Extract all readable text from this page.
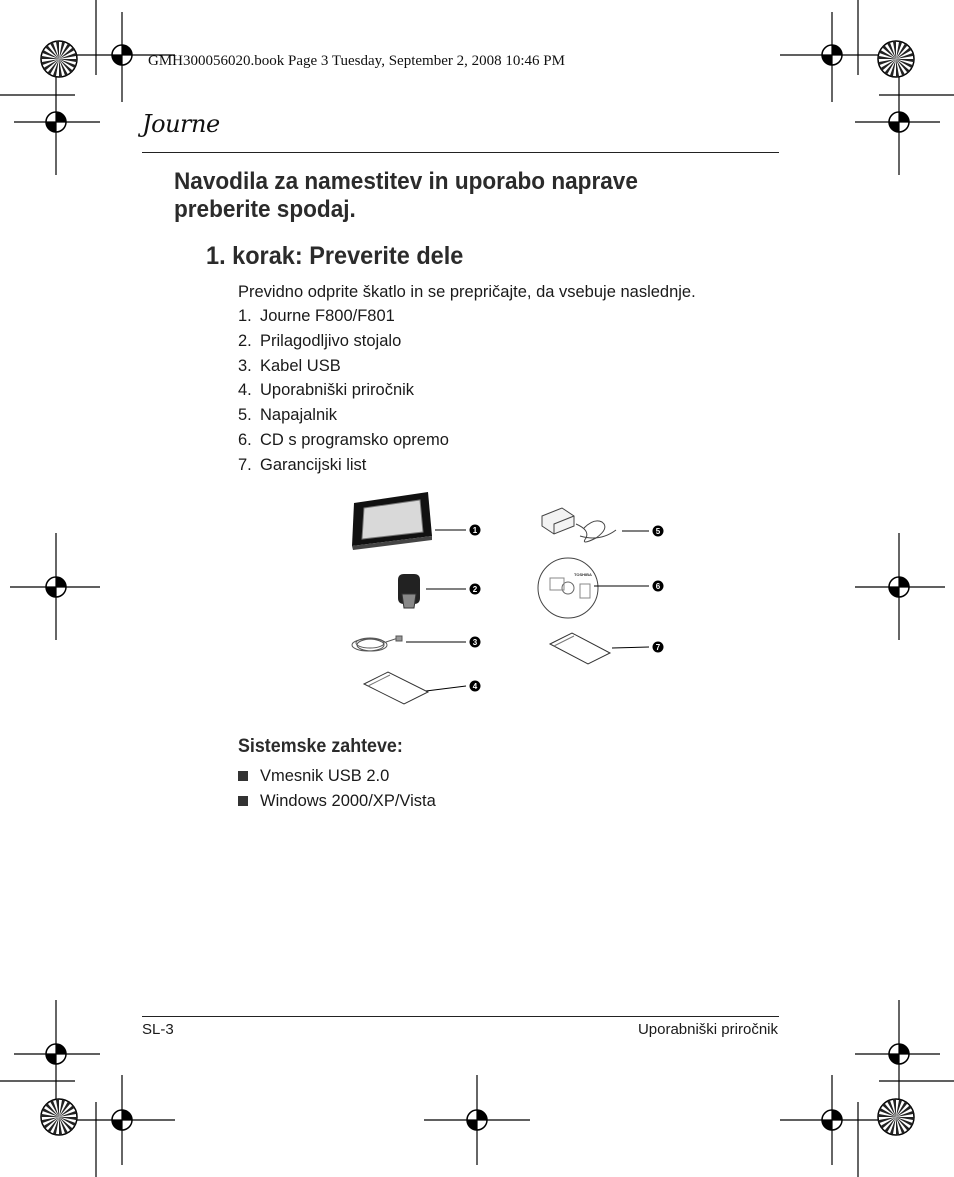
GMH300056020.book Page 3 Tuesday, September 2, 2008 10:46 PM
Journe
Navodila za namestitev in uporabo naprave preberite spodaj.
1. korak: Preverite dele
Previdno odprite škatlo in se prepričajte, da vsebuje naslednje.
1. Journe F800/F801
2. Prilagodljivo stojalo
3. Kabel USB
4. Uporabniški priročnik
5. Napajalnik
6. CD s programsko opremo
7. Garancijski list
1
2
3
4
5
TOSHIBA
6
7
Sistemske zahteve:
Vmesnik USB 2.0
Windows 2000/XP/Vista
SL-3	Uporabniški priročnik
